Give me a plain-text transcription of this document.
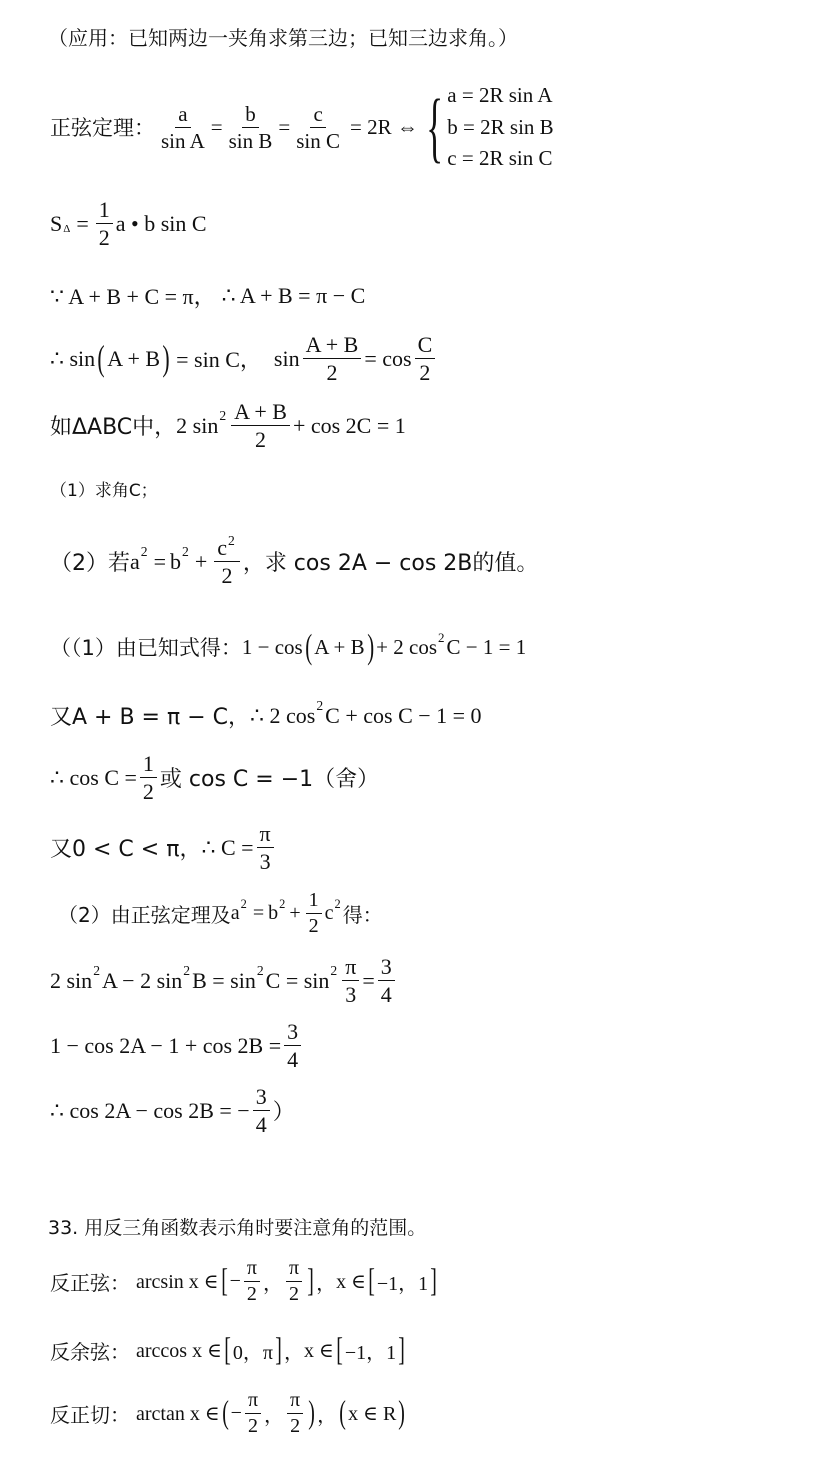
（应用：已知两边一夹角求第三边；已知三边求角。）
正弦定理： $\frac{a}{\text{sin A}} = \frac{b}{\text{sin B}} = \frac{c}{\text{sin C}} = 2R$ ⇔ { a = 2R sin A
b = 2R sin B
c = 2R sin C
S $\Delta = \frac{1}{2}$ a • b sin C
∵ A + B + C = π， ∴ A + B = π − C
∴ sin ( A + B ) = sin C， $\sin \frac{A + B}{2} = \cos \frac{C}{2}$
如ΔABC中， 2
$\sin 2 \frac{A + B}{2} + \cos 2C = 1$
（1）求角C；
（2）若 a 2 = b $2 + \frac{c^2}{2}$ ，求 cos 2A − cos 2B的值。
（（1）由已知式得： 1 − cos ( A + B ) + 2 cos 2 C − 1 = 1
又A + B = π − C， ∴ 2 cos 2 C + cos C − 1 = 0
∴ $\cos C = \frac{1}{2}$ 或 cos C = −1（舍）
又0 < C < π， ∴ $C = \frac{\pi}{3}$
（2）由正弦定理及 a 2 = b $2 + \frac{1}{2}$ c 2 得：
2 sin 2 A − 2 sin 2 B = sin 2 $C = \sin 2 \frac{\pi}{3} = \frac{3}{4}$
$1 - \cos 2A - 1 + \cos 2B = \frac{3}{4}$
∴ cos 2A − cos 2B = − $\frac{3}{4}$ ）
33. 用反三角函数表示角时要注意角的范围。
反正弦： arcsin x ∈ [ − $\frac{\pi}{2}$ ， $\frac{\pi}{2}$ ] ， x ∈ [ −1，1 ]
反余弦： arccos x ∈ [ 0，π ] ， x ∈ [ −1，1 ]
反正切： arctan x ∈ ( − $\frac{\pi}{2}$ ， $\frac{\pi}{2}$ ) ， ( x ∈ R )
